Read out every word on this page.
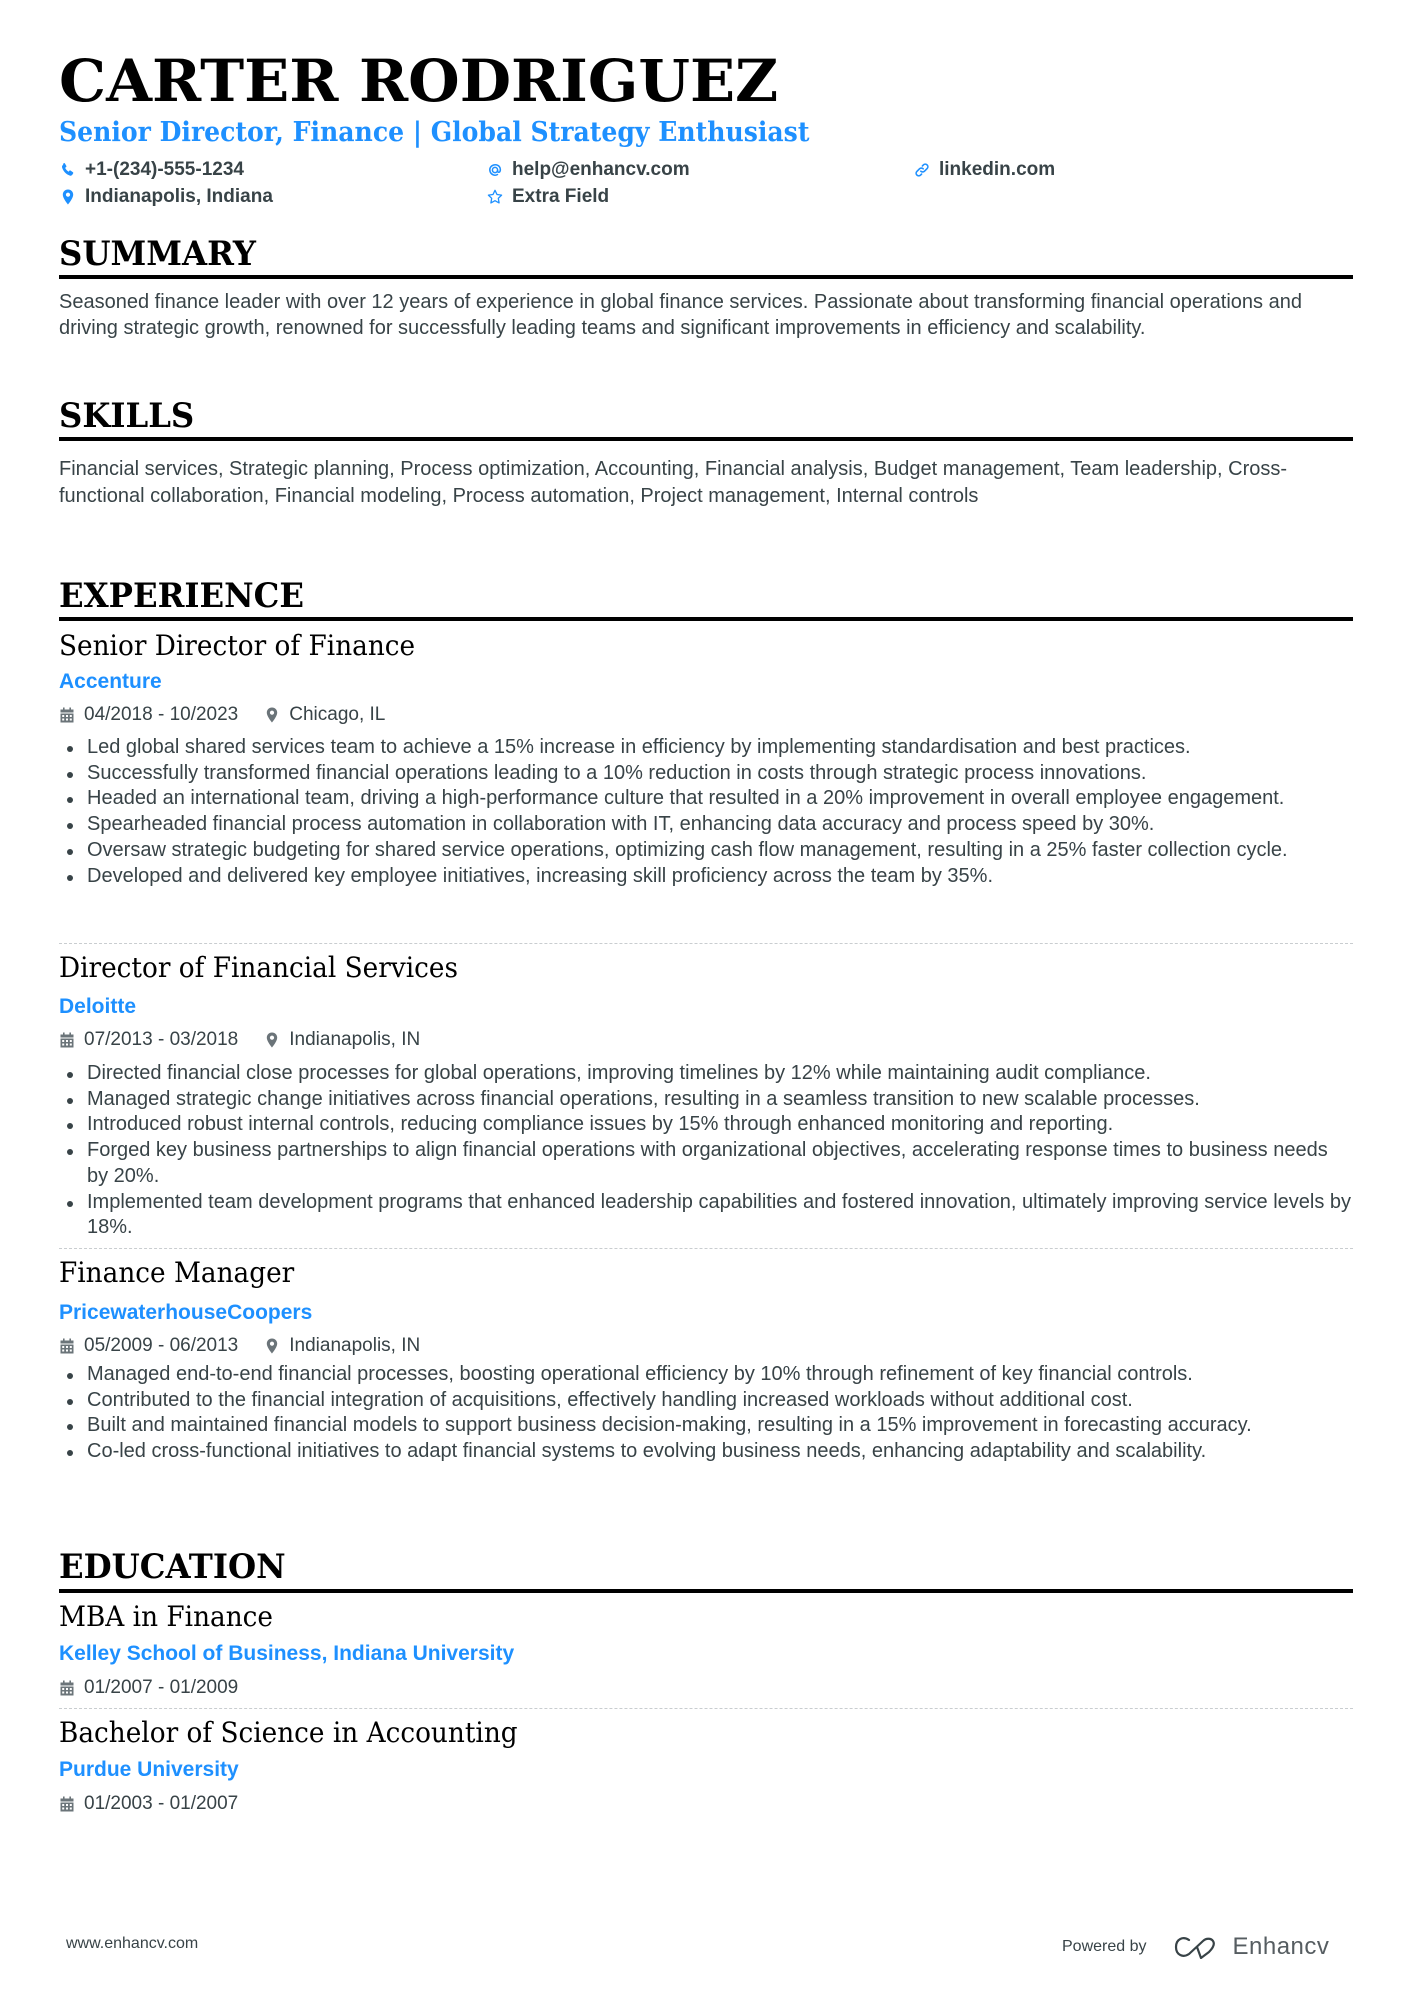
CARTER RODRIGUEZ
Senior Director, Finance | Global Strategy Enthusiast
+1-(234)-555-1234
Indianapolis, Indiana
help@enhancv.com
Extra Field
linkedin.com
SUMMARY
Seasoned finance leader with over 12 years of experience in global finance services. Passionate about transforming financial operations and driving strategic growth, renowned for successfully leading teams and significant improvements in efficiency and scalability.
SKILLS
Financial services, Strategic planning, Process optimization, Accounting, Financial analysis, Budget management, Team leadership, Cross-functional collaboration, Financial modeling, Process automation, Project management, Internal controls
EXPERIENCE
Senior Director of Finance
Accenture
04/2018 - 10/2023	Chicago, IL
Led global shared services team to achieve a 15% increase in efficiency by implementing standardisation and best practices.
Successfully transformed financial operations leading to a 10% reduction in costs through strategic process innovations.
Headed an international team, driving a high-performance culture that resulted in a 20% improvement in overall employee engagement.
Spearheaded financial process automation in collaboration with IT, enhancing data accuracy and process speed by 30%.
Oversaw strategic budgeting for shared service operations, optimizing cash flow management, resulting in a 25% faster collection cycle.
Developed and delivered key employee initiatives, increasing skill proficiency across the team by 35%.
Director of Financial Services
Deloitte
07/2013 - 03/2018	Indianapolis, IN
Directed financial close processes for global operations, improving timelines by 12% while maintaining audit compliance.
Managed strategic change initiatives across financial operations, resulting in a seamless transition to new scalable processes.
Introduced robust internal controls, reducing compliance issues by 15% through enhanced monitoring and reporting.
Forged key business partnerships to align financial operations with organizational objectives, accelerating response times to business needs by 20%.
Implemented team development programs that enhanced leadership capabilities and fostered innovation, ultimately improving service levels by 18%.
Finance Manager
PricewaterhouseCoopers
05/2009 - 06/2013	Indianapolis, IN
Managed end-to-end financial processes, boosting operational efficiency by 10% through refinement of key financial controls.
Contributed to the financial integration of acquisitions, effectively handling increased workloads without additional cost.
Built and maintained financial models to support business decision-making, resulting in a 15% improvement in forecasting accuracy.
Co-led cross-functional initiatives to adapt financial systems to evolving business needs, enhancing adaptability and scalability.
EDUCATION
MBA in Finance
Kelley School of Business, Indiana University
01/2007 - 01/2009
Bachelor of Science in Accounting
Purdue University
01/2003 - 01/2007
www.enhancv.com	Powered by	Enhancv
